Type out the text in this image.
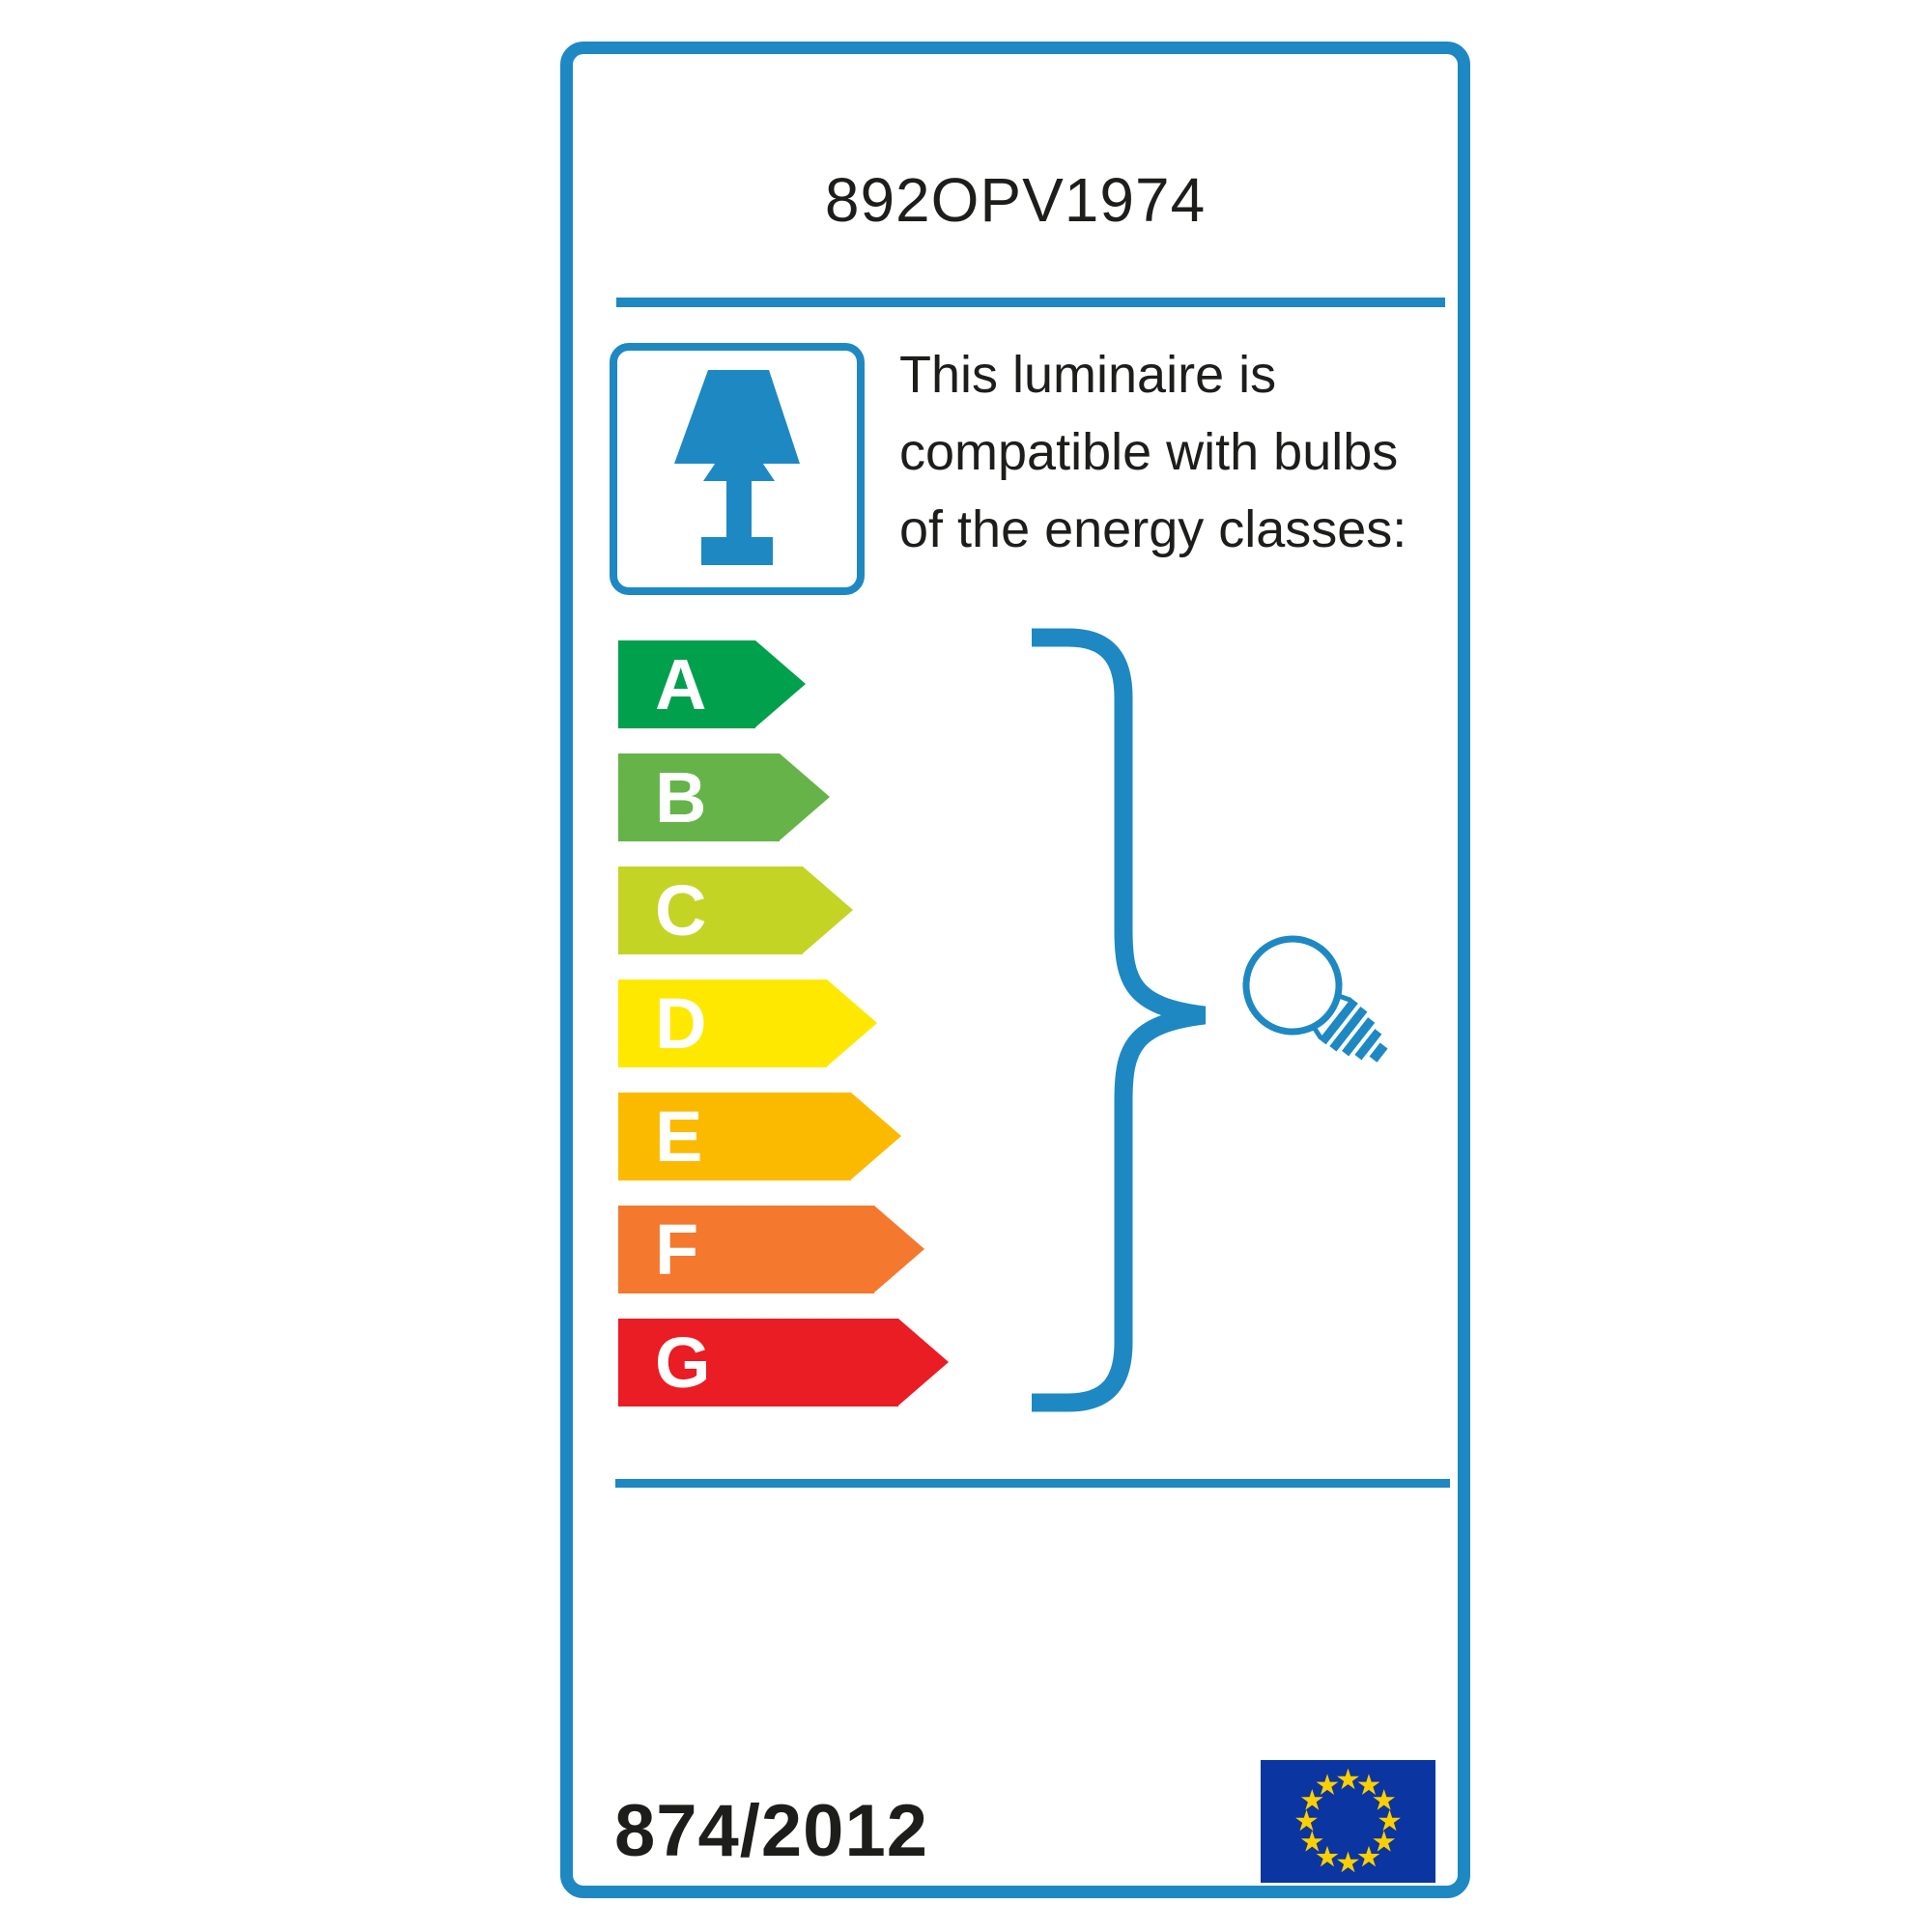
892OPV1974
This luminaire is
compatible with bulbs
of the energy classes:
A
B
C
D
E
F
G
874/2012
